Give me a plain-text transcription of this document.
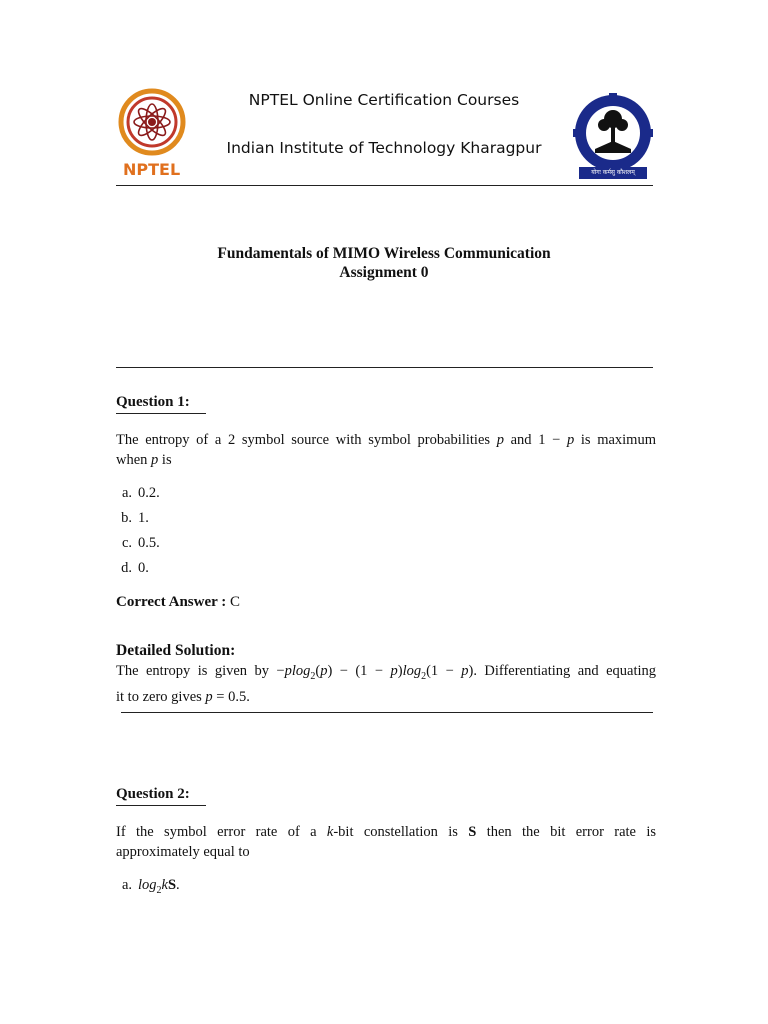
NPTEL
NPTEL Online Certification Courses
Indian Institute of Technology Kharagpur
योगः कर्मसु कौशलम्
Fundamentals of MIMO Wireless Communication
Assignment 0
Question 1:
The entropy of a 2 symbol source with symbol probabilities p and 1 − p is maximum
when p is
a. 0.2.
b. 1.
c. 0.5.
d. 0.
Correct Answer : C
Detailed Solution:
The entropy is given by $-plog_2(p) - (1 - p)\log_2(1 - p)$. Differentiating and equating
it to zero gives p = 0.5.
Question 2:
If the symbol error rate of a k-bit constellation is S then the bit error rate is
approximately equal to
a. $\log_2kS$.
